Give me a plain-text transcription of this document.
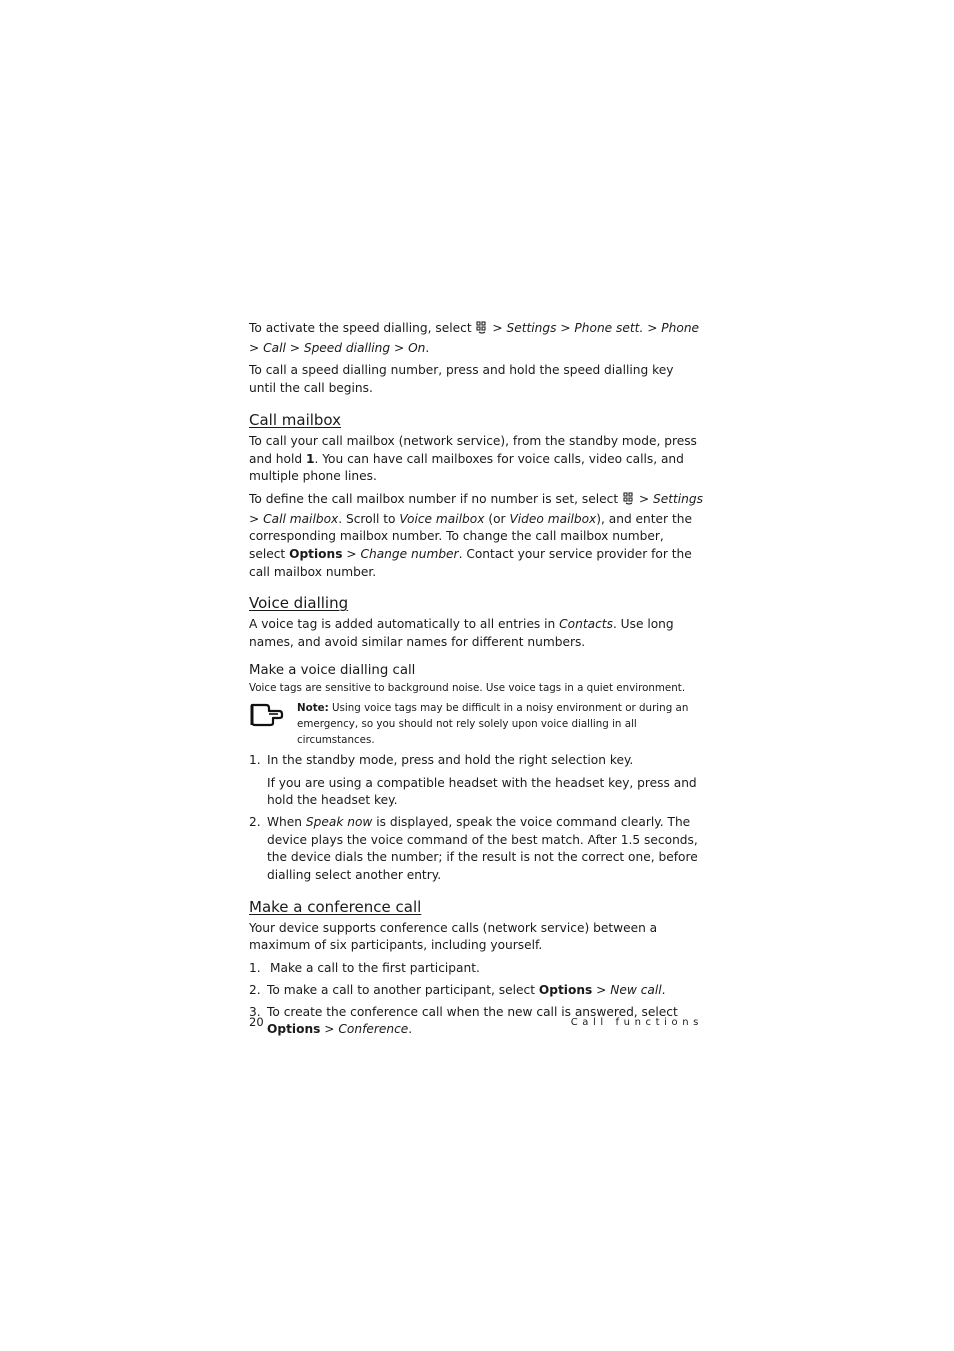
To activate the speed dialling, select  > Settings > Phone sett. > Phone > Call > Speed dialling > On.

To call a speed dialling number, press and hold the speed dialling key until the call begins.

Call mailbox

To call your call mailbox (network service), from the standby mode, press and hold 1. You can have call mailboxes for voice calls, video calls, and multiple phone lines.

To define the call mailbox number if no number is set, select  > Settings > Call mailbox. Scroll to Voice mailbox (or Video mailbox), and enter the corresponding mailbox number. To change the call mailbox number, select Options > Change number. Contact your service provider for the call mailbox number.

Voice dialling

A voice tag is added automatically to all entries in Contacts. Use long names, and avoid similar names for different numbers.

Make a voice dialling call

Voice tags are sensitive to background noise. Use voice tags in a quiet environment.

Note: Using voice tags may be difficult in a noisy environment or during an emergency, so you should not rely solely upon voice dialling in all circumstances.
1. In the standby mode, press and hold the right selection key.

If you are using a compatible headset with the headset key, press and hold the headset key.

2. When Speak now is displayed, speak the voice command clearly. The device plays the voice command of the best match. After 1.5 seconds, the device dials the number; if the result is not the correct one, before dialling select another entry.

Make a conference call

Your device supports conference calls (network service) between a maximum of six participants, including yourself.

1. Make a call to the first participant.

2. To make a call to another participant, select Options > New call.

3. To create the conference call when the new call is answered, select Options > Conference.

20	Call functions
